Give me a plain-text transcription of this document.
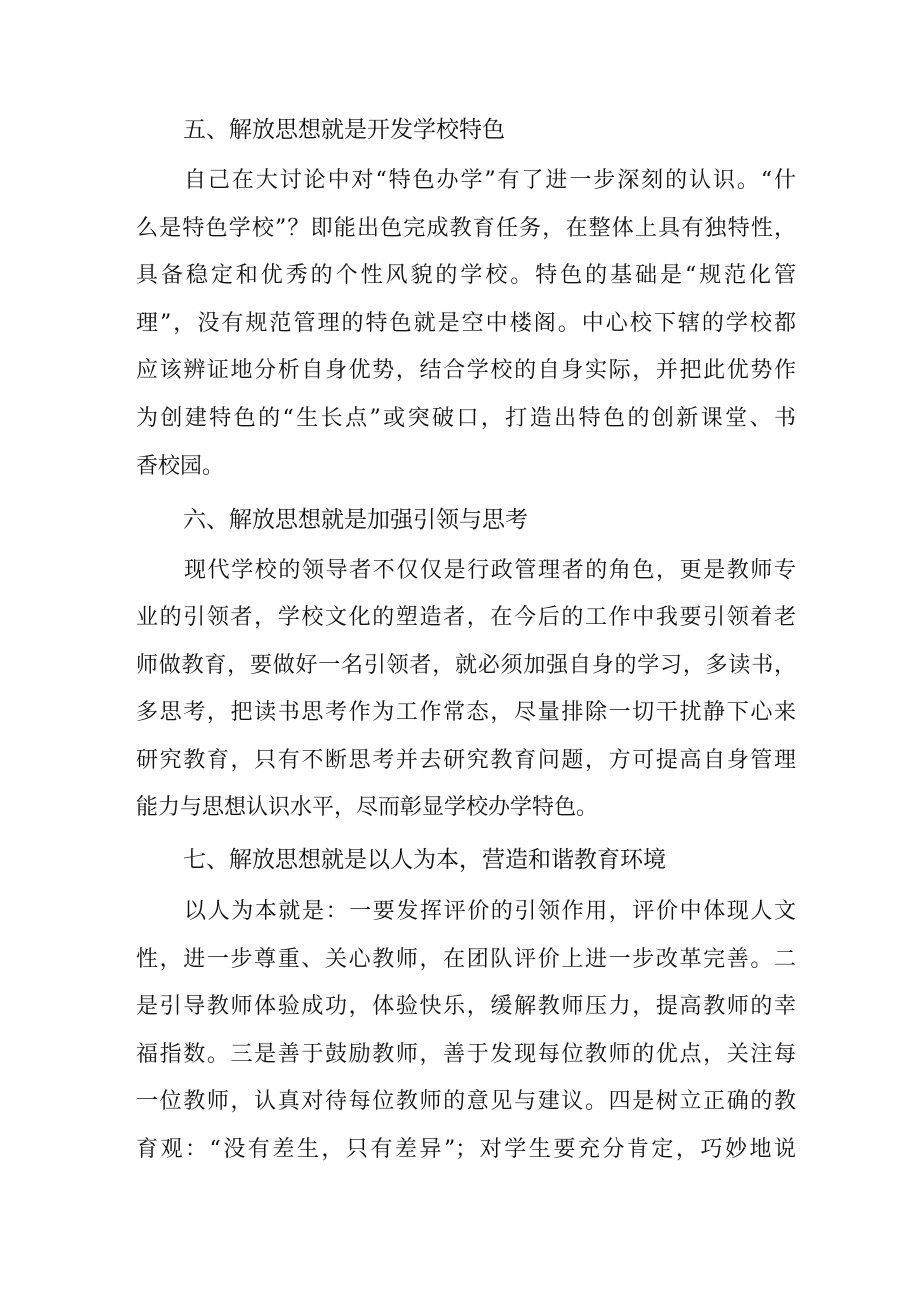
五、解放思想就是开发学校特色
自己在大讨论中对“特色办学”有了进一步深刻的认识。“什
么是特色学校”？即能出色完成教育任务，在整体上具有独特性，
具备稳定和优秀的个性风貌的学校。特色的基础是“规范化管
理”，没有规范管理的特色就是空中楼阁。中心校下辖的学校都
应该辨证地分析自身优势，结合学校的自身实际，并把此优势作
为创建特色的“生长点”或突破口，打造出特色的创新课堂、书
香校园。
六、解放思想就是加强引领与思考
现代学校的领导者不仅仅是行政管理者的角色，更是教师专
业的引领者，学校文化的塑造者，在今后的工作中我要引领着老
师做教育，要做好一名引领者，就必须加强自身的学习，多读书，
多思考，把读书思考作为工作常态，尽量排除一切干扰静下心来
研究教育，只有不断思考并去研究教育问题，方可提高自身管理
能力与思想认识水平，尽而彰显学校办学特色。
七、解放思想就是以人为本，营造和谐教育环境
以人为本就是：一要发挥评价的引领作用，评价中体现人文
性，进一步尊重、关心教师，在团队评价上进一步改革完善。二
是引导教师体验成功，体验快乐，缓解教师压力，提高教师的幸
福指数。三是善于鼓励教师，善于发现每位教师的优点，关注每
一位教师，认真对待每位教师的意见与建议。四是树立正确的教
育观：“没有差生，只有差异”；对学生要充分肯定，巧妙地说
